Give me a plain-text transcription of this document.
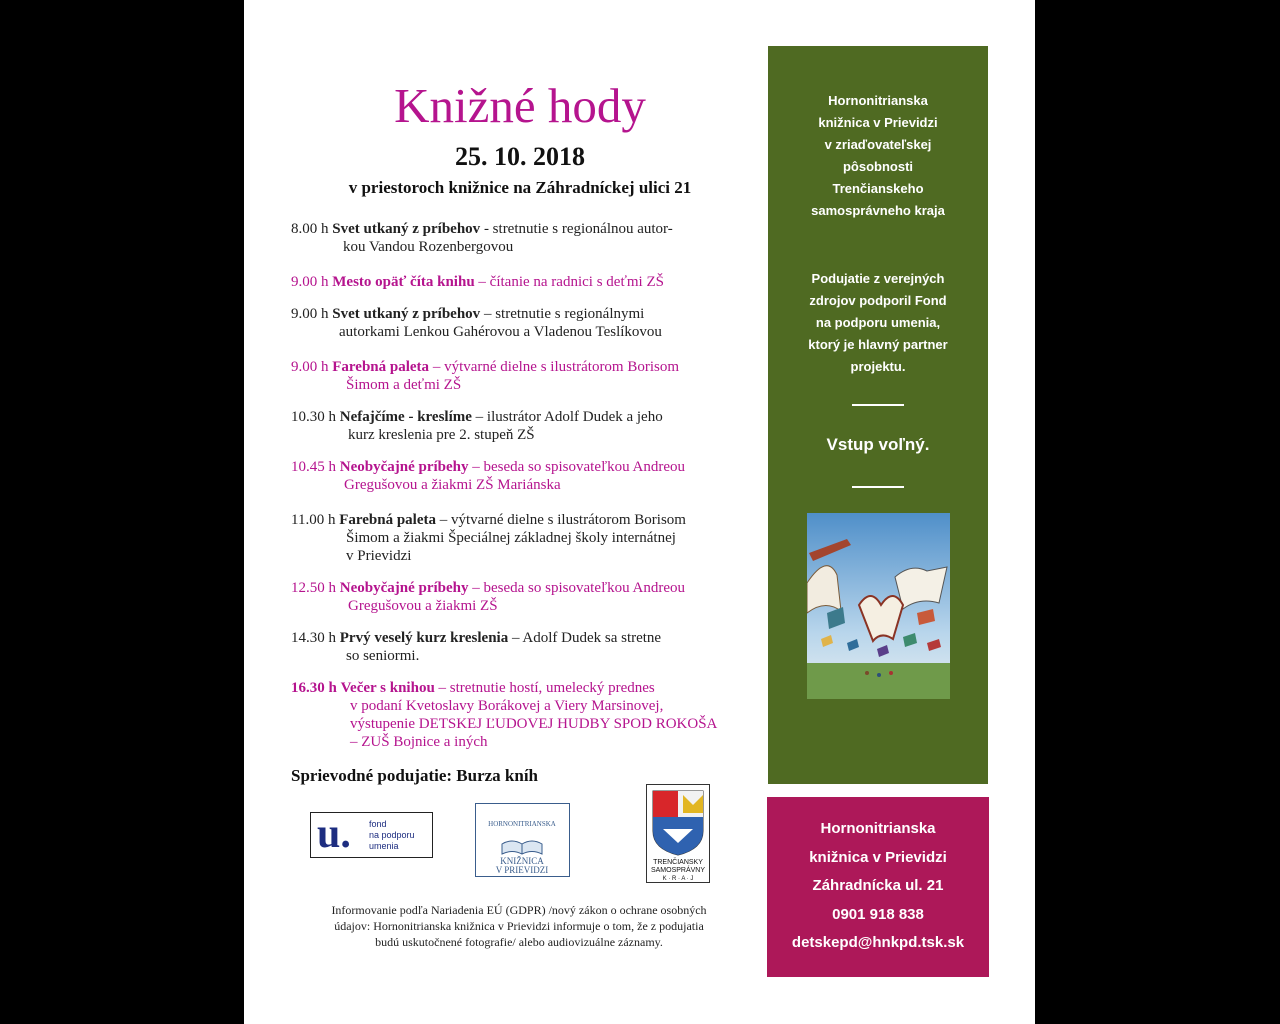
Knižné hody
25. 10. 2018
v priestoroch knižnice na Záhradníckej ulici 21
8.00 h Svet utkaný z príbehov - stretnutie s regionálnou autor-
kou Vandou Rozenbergovou
9.00 h Mesto opäť číta knihu – čítanie na radnici s deťmi ZŠ
9.00 h Svet utkaný z príbehov – stretnutie s regionálnymi
autorkami Lenkou Gahérovou a Vladenou Teslíkovou
9.00 h Farebná paleta – výtvarné dielne s ilustrátorom Borisom
Šimom a deťmi ZŠ
10.30 h Nefajčíme - kreslíme – ilustrátor Adolf Dudek a jeho
kurz kreslenia pre 2. stupeň ZŠ
10.45 h Neobyčajné príbehy – beseda so spisovateľkou Andreou
Gregušovou a žiakmi ZŠ Mariánska
11.00 h Farebná paleta – výtvarné dielne s ilustrátorom Borisom
Šimom a žiakmi Špeciálnej základnej školy internátnej
v Prievidzi
12.50 h Neobyčajné príbehy – beseda so spisovateľkou Andreou
Gregušovou a žiakmi ZŠ
14.30 h Prvý veselý kurz kreslenia – Adolf Dudek sa stretne
so seniormi.
16.30 h Večer s knihou – stretnutie hostí, umelecký prednes
v podaní Kvetoslavy Borákovej a Viery Marsinovej,
výstupenie DETSKEJ ĽUDOVEJ HUDBY SPOD ROKOŠA
– ZUŠ Bojnice a iných
Sprievodné podujatie: Burza kníh
u. fond
na podporu
umenia
HORNONITRIANSKA
KNIŽNICA
V PRIEVIDZI
TRENČIANSKY
SAMOSPRÁVNY
K · R · A · J
Informovanie podľa Nariadenia EÚ (GDPR) /nový zákon o ochrane osobných
údajov: Hornonitrianska knižnica v Prievidzi informuje o tom, že z podujatia
budú uskutočnené fotografie/ alebo audiovizuálne záznamy.
Hornonitrianska
knižnica v Prievidzi
v zriaďovateľskej
pôsobnosti
Trenčianskeho
samosprávneho kraja
Podujatie z verejných
zdrojov podporil Fond
na podporu umenia,
ktorý je hlavný partner
projektu.
Vstup voľný.
Hornonitrianska
knižnica v Prievidzi
Záhradnícka ul. 21
0901 918 838
detskepd@hnkpd.tsk.sk
